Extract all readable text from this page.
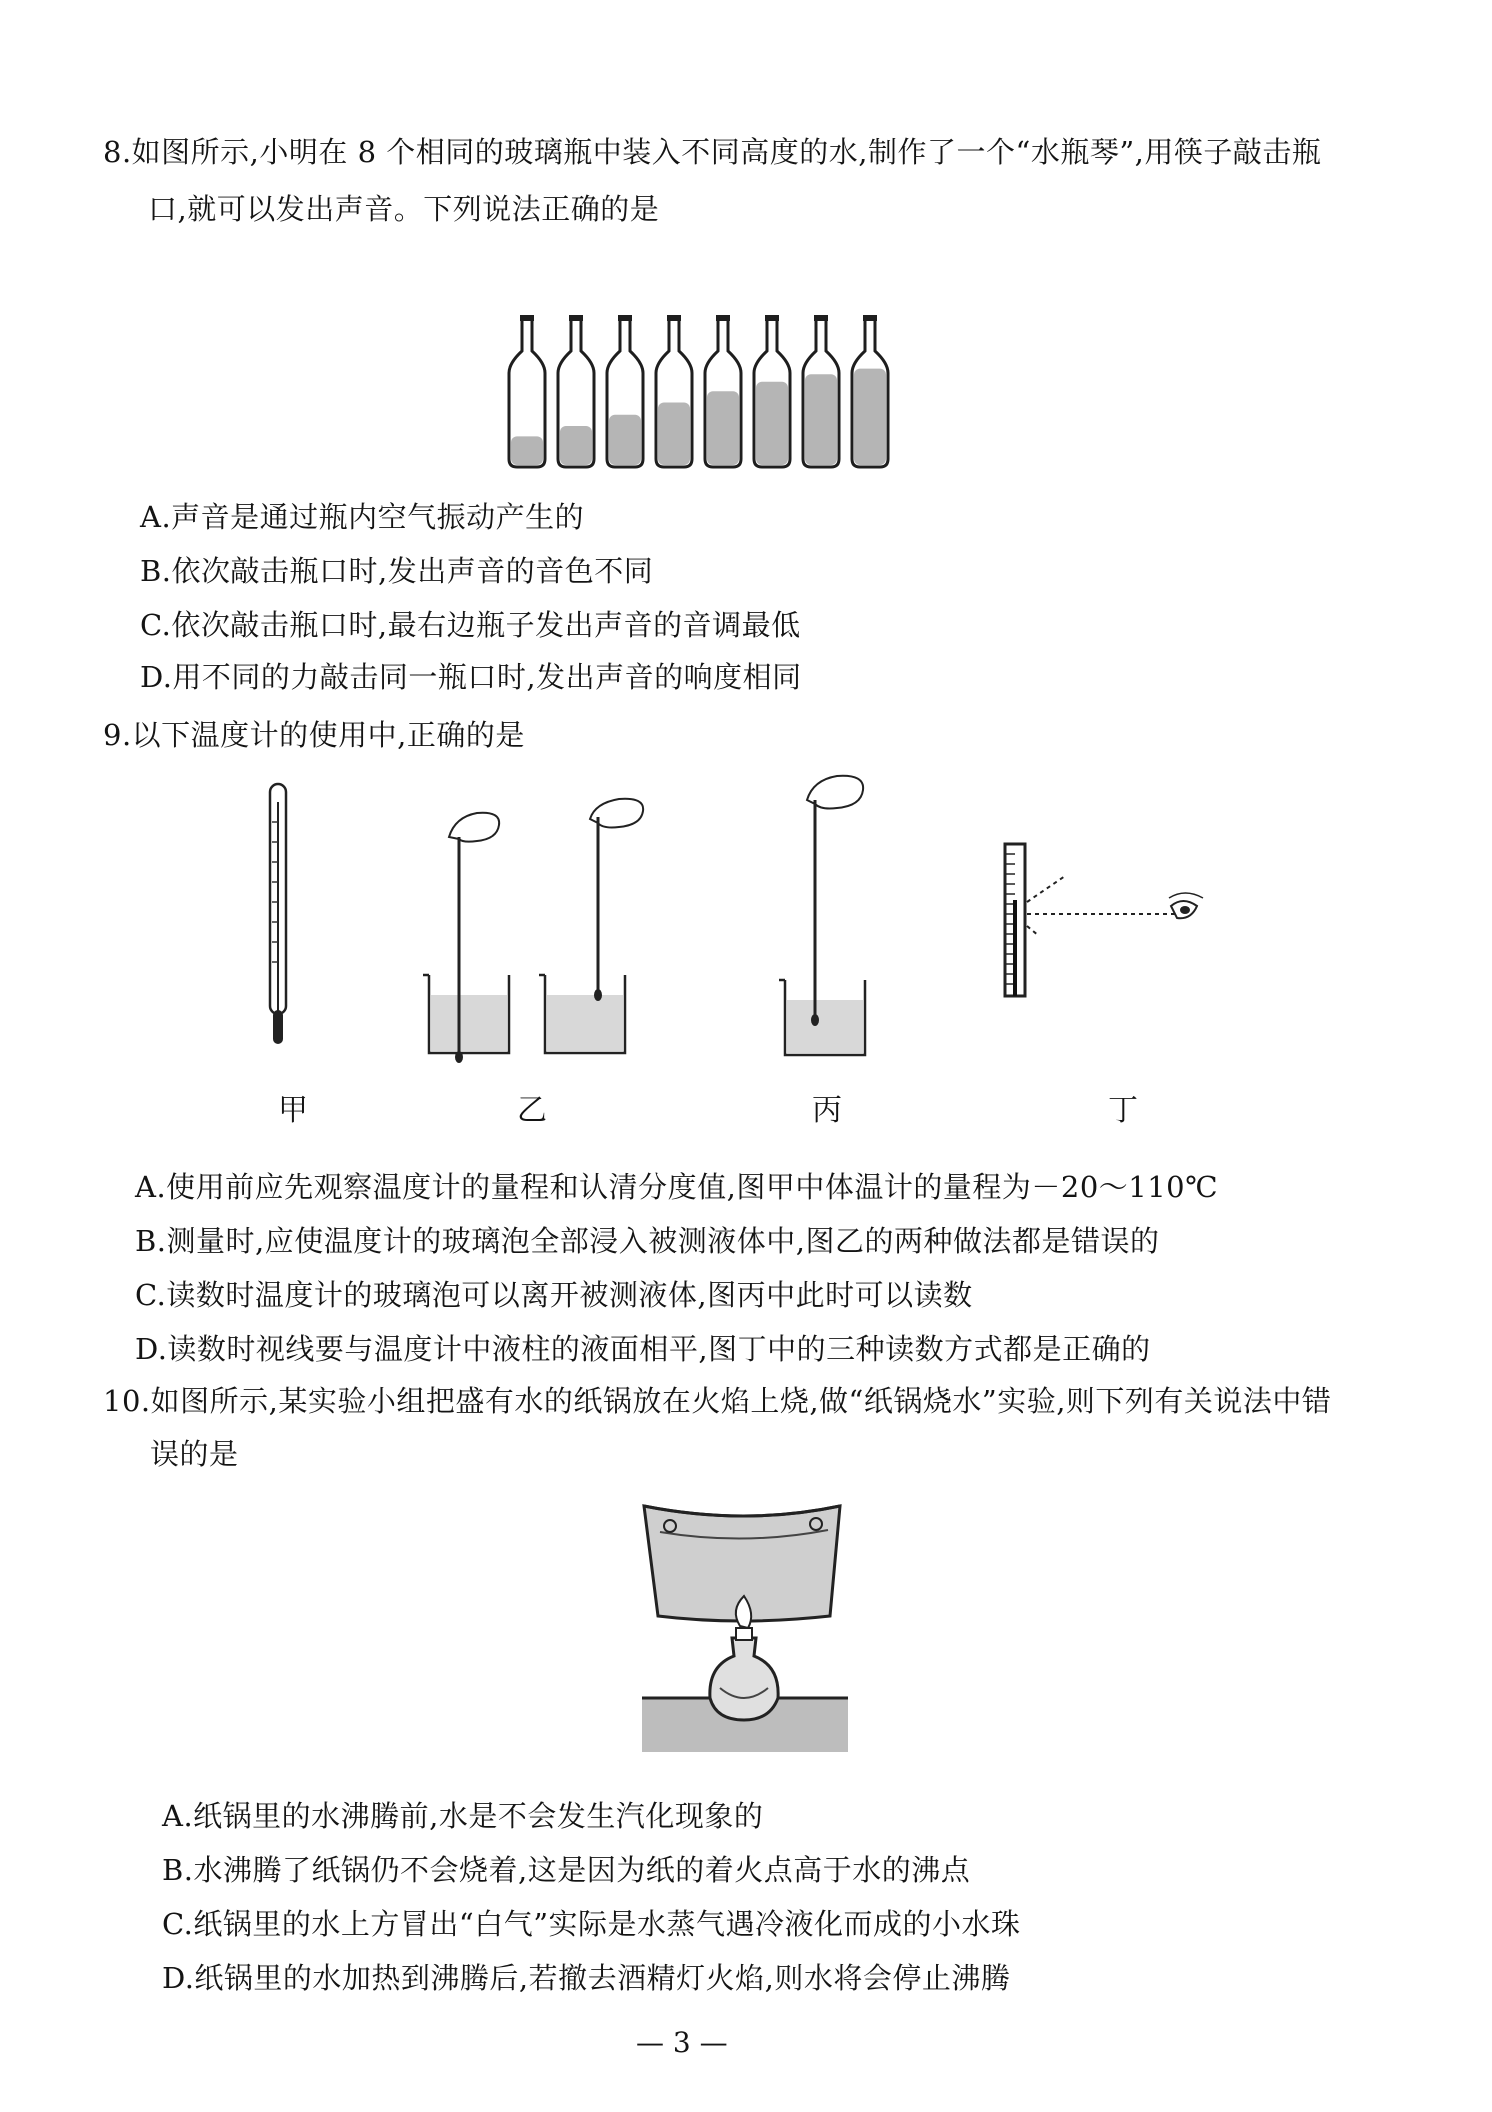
8.如图所示,小明在 8 个相同的玻璃瓶中装入不同高度的水,制作了一个“水瓶琴”,用筷子敲击瓶
口,就可以发出声音。下列说法正确的是
A.声音是通过瓶内空气振动产生的
B.依次敲击瓶口时,发出声音的音色不同
C.依次敲击瓶口时,最右边瓶子发出声音的音调最低
D.用不同的力敲击同一瓶口时,发出声音的响度相同
9.以下温度计的使用中,正确的是
甲	乙	丙	丁
A.使用前应先观察温度计的量程和认清分度值,图甲中体温计的量程为－20～110℃
B.测量时,应使温度计的玻璃泡全部浸入被测液体中,图乙的两种做法都是错误的
C.读数时温度计的玻璃泡可以离开被测液体,图丙中此时可以读数
D.读数时视线要与温度计中液柱的液面相平,图丁中的三种读数方式都是正确的
10.如图所示,某实验小组把盛有水的纸锅放在火焰上烧,做“纸锅烧水”实验,则下列有关说法中错
误的是
A.纸锅里的水沸腾前,水是不会发生汽化现象的
B.水沸腾了纸锅仍不会烧着,这是因为纸的着火点高于水的沸点
C.纸锅里的水上方冒出“白气”实际是水蒸气遇冷液化而成的小水珠
D.纸锅里的水加热到沸腾后,若撤去酒精灯火焰,则水将会停止沸腾
— 3 —
